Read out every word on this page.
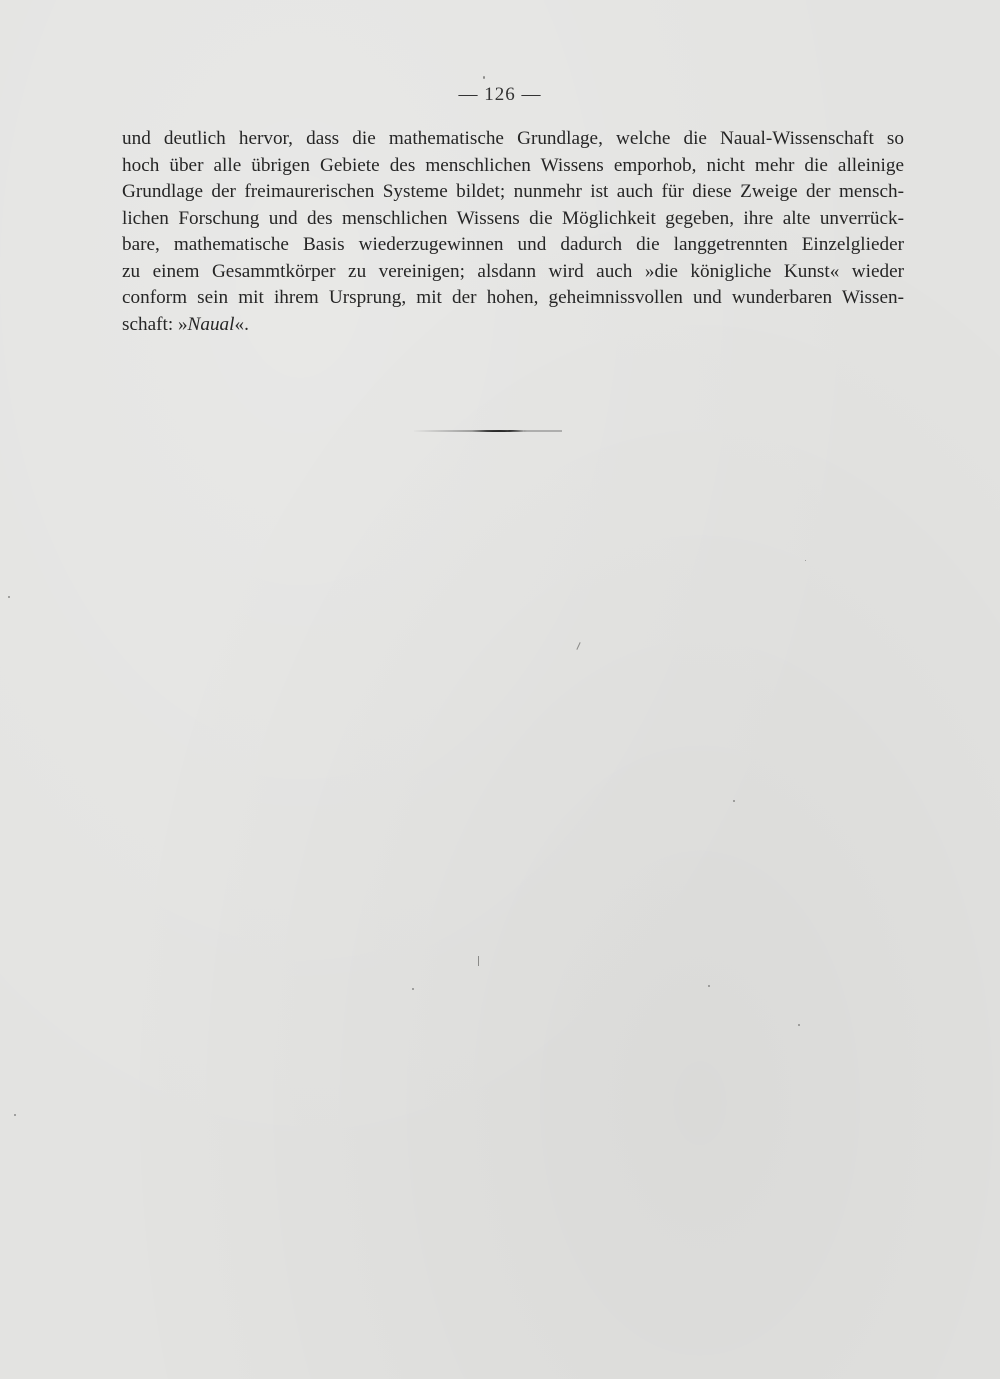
— 126 —
und deutlich hervor, dass die mathematische Grundlage, welche die Naual-Wissenschaft so
hoch über alle übrigen Gebiete des menschlichen Wissens emporhob, nicht mehr die alleinige
Grundlage der freimaurerischen Systeme bildet; nunmehr ist auch für diese Zweige der mensch-
lichen Forschung und des menschlichen Wissens die Möglichkeit gegeben, ihre alte unverrück-
bare, mathematische Basis wiederzugewinnen und dadurch die langgetrennten Einzelglieder
zu einem Gesammtkörper zu vereinigen; alsdann wird auch »die königliche Kunst« wieder
conform sein mit ihrem Ursprung, mit der hohen, geheimnissvollen und wunderbaren Wissen-
schaft: »Naual«.
